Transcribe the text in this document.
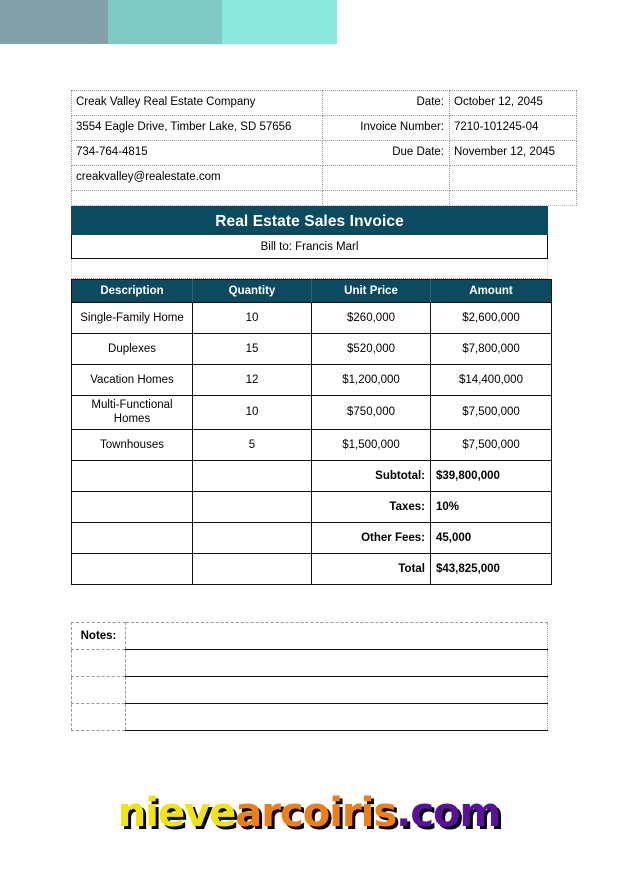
Creak Valley Real Estate Company	Date:	October 12, 2045
3554 Eagle Drive, Timber Lake, SD 57656	Invoice Number:	7210-101245-04
734-764-4815	Due Date:	November 12, 2045
creakvalley@realestate.com		

Real Estate Sales Invoice
Bill to: Francis Marl
Description	Quantity	Unit Price	Amount
Single-Family Home	10	$260,000	$2,600,000
Duplexes	15	$520,000	$7,800,000
Vacation Homes	12	$1,200,000	$14,400,000
Multi-Functional Homes	10	$750,000	$7,500,000
Townhouses	5	$1,500,000	$7,500,000
		Subtotal:	$39,800,000
		Taxes:	10%
		Other Fees:	45,000
		Total	$43,825,000
Notes:	

nievearcoiris.com
